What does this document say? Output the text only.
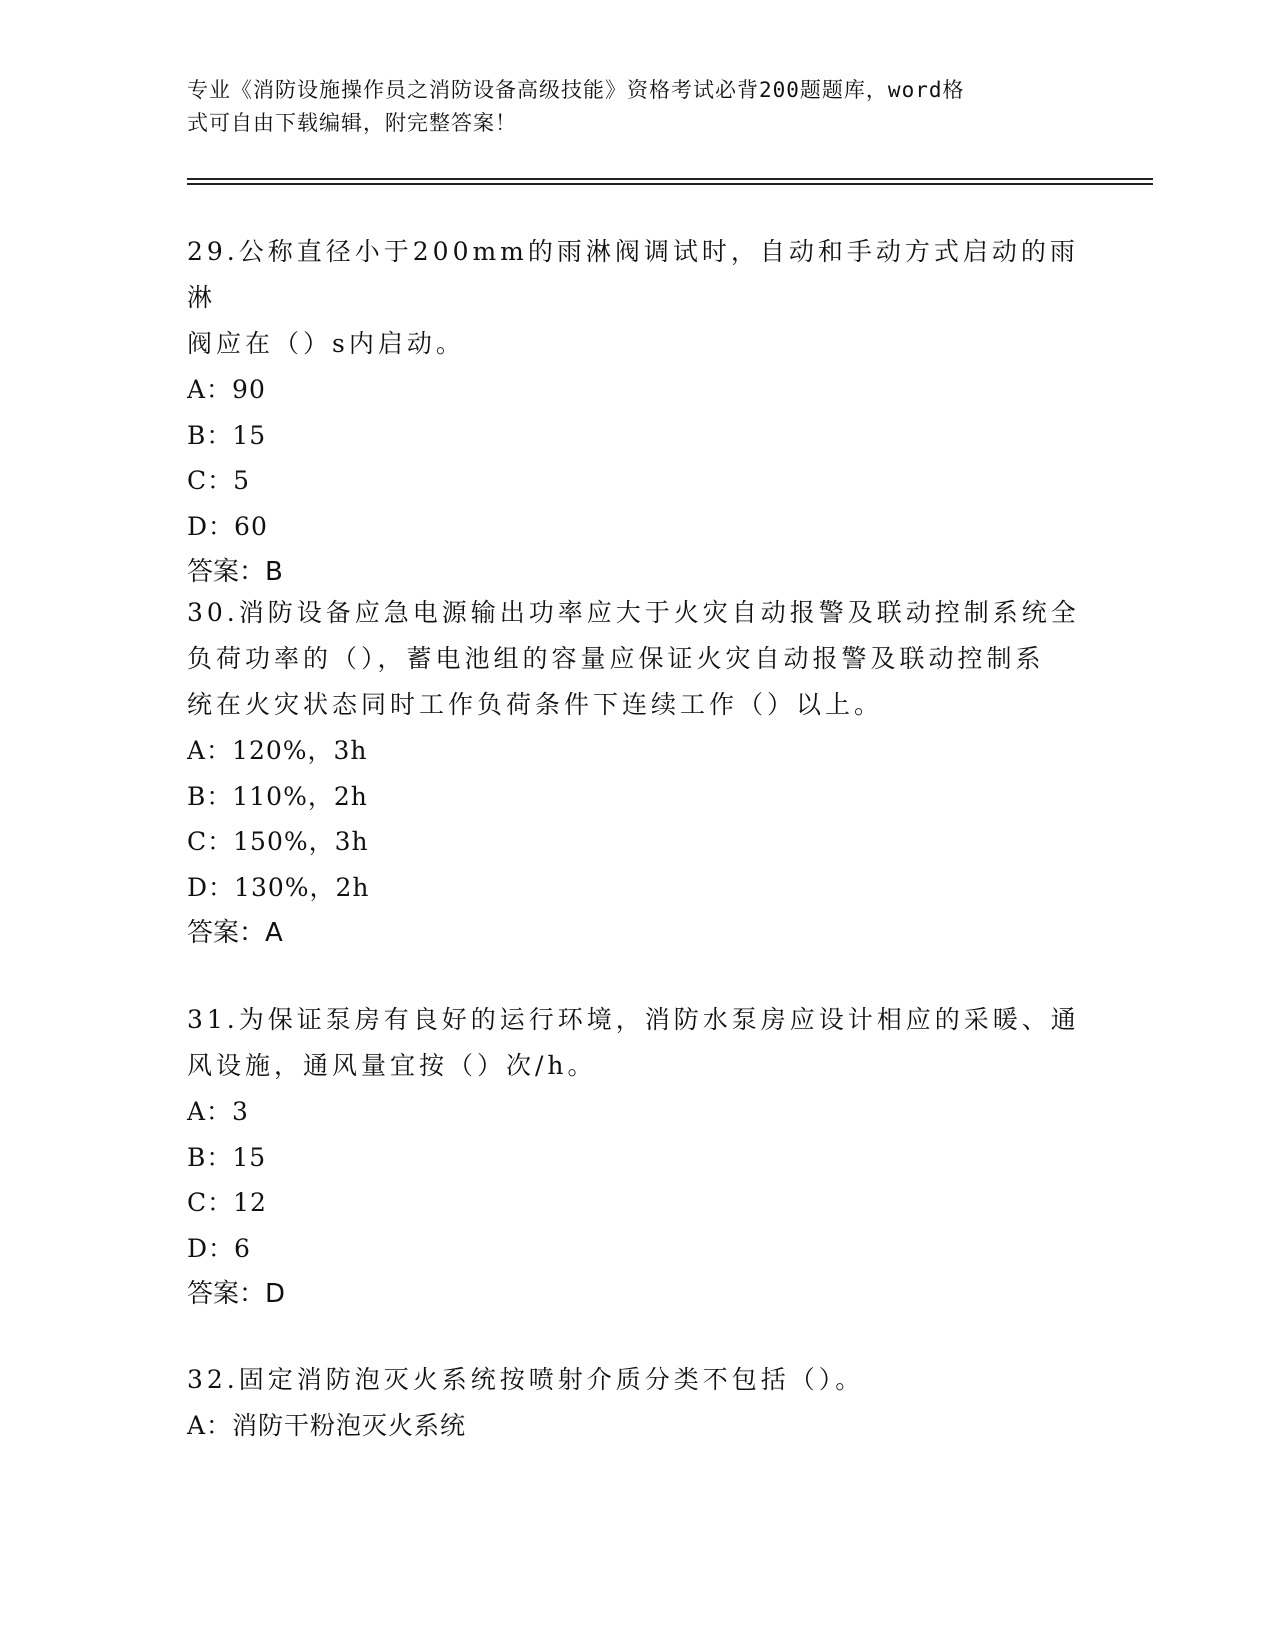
专业《消防设施操作员之消防设备高级技能》资格考试必背200题题库，word格
式可自由下载编辑，附完整答案！

29.公称直径小于200mm的雨淋阀调试时，自动和手动方式启动的雨淋

阀应在（）s内启动。

A：90

B：15

C：5

D：60

答案：B

30.消防设备应急电源输出功率应大于火灾自动报警及联动控制系统全

负荷功率的（），蓄电池组的容量应保证火灾自动报警及联动控制系

统在火灾状态同时工作负荷条件下连续工作（）以上。

A：120%，3h

B：110%，2h

C：150%，3h

D：130%，2h

答案：A

31.为保证泵房有良好的运行环境，消防水泵房应设计相应的采暖、通

风设施，通风量宜按（）次/h。

A：3

B：15

C：12

D：6

答案：D

32.固定消防泡灭火系统按喷射介质分类不包括（）。

A：消防干粉泡灭火系统
